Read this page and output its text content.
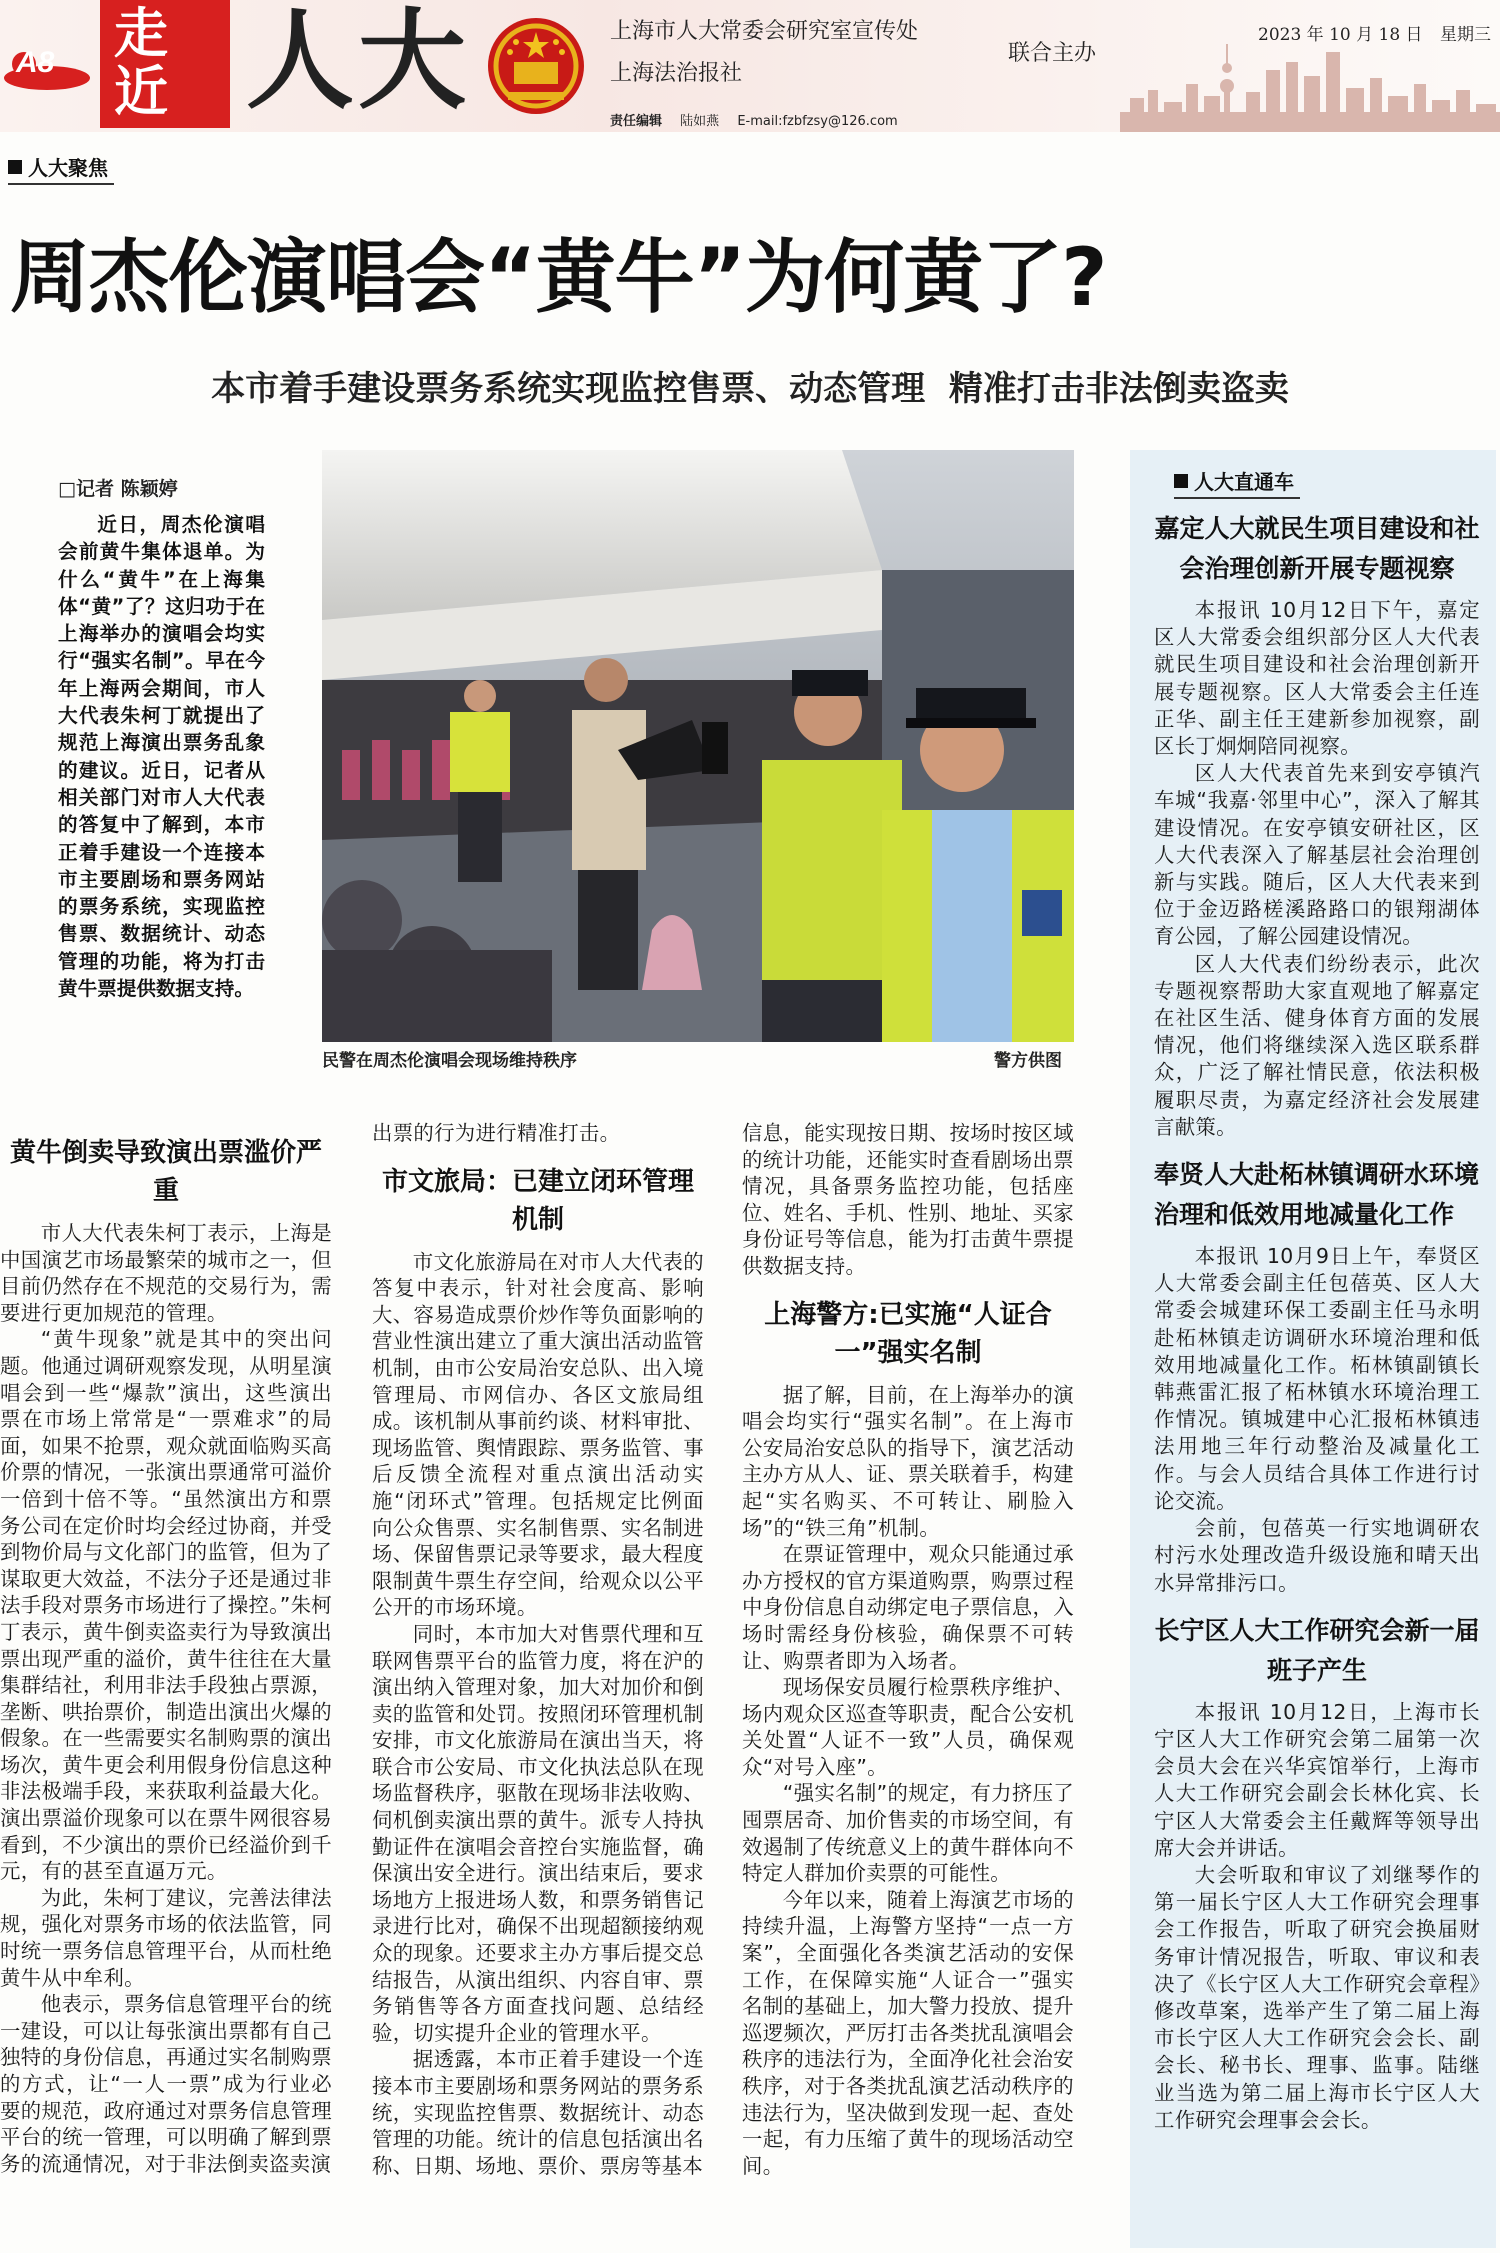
A8 走
近 人大	上海市人大常委会研究室宣传处
上海法治报社
联合主办
2023 年 10 月 18 日 星期三
责任编辑 陆如燕 E-mail:fzbfzsy@126.com
人大聚焦
周杰伦演唱会“黄牛”为何黄了?
本市着手建设票务系统实现监控售票、动态管理  精准打击非法倒卖盗卖
□记者 陈颖婷
近日，周杰伦演唱会前黄牛集体退单。为什么“黄牛”在上海集体“黄”了？这归功于在上海举办的演唱会均实行“强实名制”。早在今年上海两会期间，市人大代表朱柯丁就提出了规范上海演出票务乱象的建议。近日，记者从相关部门对市人大代表的答复中了解到，本市正着手建设一个连接本市主要剧场和票务网站的票务系统，实现监控售票、数据统计、动态管理的功能，将为打击黄牛票提供数据支持。
民警在周杰伦演唱会现场维持秩序	警方供图
黄牛倒卖导致演出票滥价严重

市人大代表朱柯丁表示，上海是中国演艺市场最繁荣的城市之一，但目前仍然存在不规范的交易行为，需要进行更加规范的管理。

“黄牛现象”就是其中的突出问题。他通过调研观察发现，从明星演唱会到一些“爆款”演出，这些演出票在市场上常常是“一票难求”的局面，如果不抢票，观众就面临购买高价票的情况，一张演出票通常可溢价一倍到十倍不等。“虽然演出方和票务公司在定价时均会经过协商，并受到物价局与文化部门的监管，但为了谋取更大效益，不法分子还是通过非法手段对票务市场进行了操控。”朱柯丁表示，黄牛倒卖盗卖行为导致演出票出现严重的溢价，黄牛往往在大量集群结社，利用非法手段独占票源，垄断、哄抬票价，制造出演出火爆的假象。在一些需要实名制购票的演出场次，黄牛更会利用假身份信息这种非法极端手段，来获取利益最大化。演出票溢价现象可以在票牛网很容易看到，不少演出的票价已经溢价到千元，有的甚至直逼万元。

为此，朱柯丁建议，完善法律法规，强化对票务市场的依法监管，同时统一票务信息管理平台，从而杜绝黄牛从中牟利。

他表示，票务信息管理平台的统一建设，可以让每张演出票都有自己独特的身份信息，再通过实名制购票的方式，让“一人一票”成为行业必要的规范，政府通过对票务信息管理平台的统一管理，可以明确了解到票务的流通情况，对于非法倒卖盗卖演

出票的行为进行精准打击。

市文旅局：已建立闭环管理机制

市文化旅游局在对市人大代表的答复中表示，针对社会度高、影响大、容易造成票价炒作等负面影响的营业性演出建立了重大演出活动监管机制，由市公安局治安总队、出入境管理局、市网信办、各区文旅局组成。该机制从事前约谈、材料审批、现场监管、舆情跟踪、票务监管、事后反馈全流程对重点演出活动实施“闭环式”管理。包括规定比例面向公众售票、实名制售票、实名制进场、保留售票记录等要求，最大程度限制黄牛票生存空间，给观众以公平公开的市场环境。

同时，本市加大对售票代理和互联网售票平台的监管力度，将在沪的演出纳入管理对象，加大对加价和倒卖的监管和处罚。按照闭环管理机制安排，市文化旅游局在演出当天，将联合市公安局、市文化执法总队在现场监督秩序，驱散在现场非法收购、伺机倒卖演出票的黄牛。派专人持执勤证件在演唱会音控台实施监督，确保演出安全进行。演出结束后，要求场地方上报进场人数，和票务销售记录进行比对，确保不出现超额接纳观众的现象。还要求主办方事后提交总结报告，从演出组织、内容自审、票务销售等各方面查找问题、总结经验，切实提升企业的管理水平。

据透露，本市正着手建设一个连接本市主要剧场和票务网站的票务系统，实现监控售票、数据统计、动态管理的功能。统计的信息包括演出名称、日期、场地、票价、票房等基本

信息，能实现按日期、按场时按区域的统计功能，还能实时查看剧场出票情况，具备票务监控功能，包括座位、姓名、手机、性别、地址、买家身份证号等信息，能为打击黄牛票提供数据支持。

上海警方:已实施“人证合一”强实名制

据了解，目前，在上海举办的演唱会均实行“强实名制”。在上海市公安局治安总队的指导下，演艺活动主办方从人、证、票关联着手，构建起“实名购买、不可转让、刷脸入场”的“铁三角”机制。

在票证管理中，观众只能通过承办方授权的官方渠道购票，购票过程中身份信息自动绑定电子票信息，入场时需经身份核验，确保票不可转让、购票者即为入场者。

现场保安员履行检票秩序维护、场内观众区巡查等职责，配合公安机关处置“人证不一致”人员，确保观众“对号入座”。

“强实名制”的规定，有力挤压了囤票居奇、加价售卖的市场空间，有效遏制了传统意义上的黄牛群体向不特定人群加价卖票的可能性。

今年以来，随着上海演艺市场的持续升温，上海警方坚持“一点一方案”，全面强化各类演艺活动的安保工作，在保障实施“人证合一”强实名制的基础上，加大警力投放、提升巡逻频次，严厉打击各类扰乱演唱会秩序的违法行为，全面净化社会治安秩序，对于各类扰乱演艺活动秩序的违法行为，坚决做到发现一起、查处一起，有力压缩了黄牛的现场活动空间。

人大直通车
嘉定人大就民生项目建设和社会治理创新开展专题视察

本报讯 10月12日下午，嘉定区人大常委会组织部分区人大代表就民生项目建设和社会治理创新开展专题视察。区人大常委会主任连正华、副主任王建新参加视察，副区长丁炯炯陪同视察。

区人大代表首先来到安亭镇汽车城“我嘉·邻里中心”，深入了解其建设情况。在安亭镇安研社区，区人大代表深入了解基层社会治理创新与实践。随后，区人大代表来到位于金迈路槎溪路路口的银翔湖体育公园，了解公园建设情况。

区人大代表们纷纷表示，此次专题视察帮助大家直观地了解嘉定在社区生活、健身体育方面的发展情况，他们将继续深入选区联系群众，广泛了解社情民意，依法积极履职尽责，为嘉定经济社会发展建言献策。

奉贤人大赴柘林镇调研水环境治理和低效用地减量化工作

本报讯 10月9日上午，奉贤区人大常委会副主任包蓓英、区人大常委会城建环保工委副主任马永明赴柘林镇走访调研水环境治理和低效用地减量化工作。柘林镇副镇长韩燕雷汇报了柘林镇水环境治理工作情况。镇城建中心汇报柘林镇违法用地三年行动整治及减量化工作。与会人员结合具体工作进行讨论交流。

会前，包蓓英一行实地调研农村污水处理改造升级设施和晴天出水异常排污口。

长宁区人大工作研究会新一届班子产生

本报讯 10月12日，上海市长宁区人大工作研究会第二届第一次会员大会在兴华宾馆举行，上海市人大工作研究会副会长林化宾、长宁区人大常委会主任戴辉等领导出席大会并讲话。

大会听取和审议了刘继琴作的第一届长宁区人大工作研究会理事会工作报告，听取了研究会换届财务审计情况报告，听取、审议和表决了《长宁区人大工作研究会章程》修改草案，选举产生了第二届上海市长宁区人大工作研究会会长、副会长、秘书长、理事、监事。陆继业当选为第二届上海市长宁区人大工作研究会理事会会长。
